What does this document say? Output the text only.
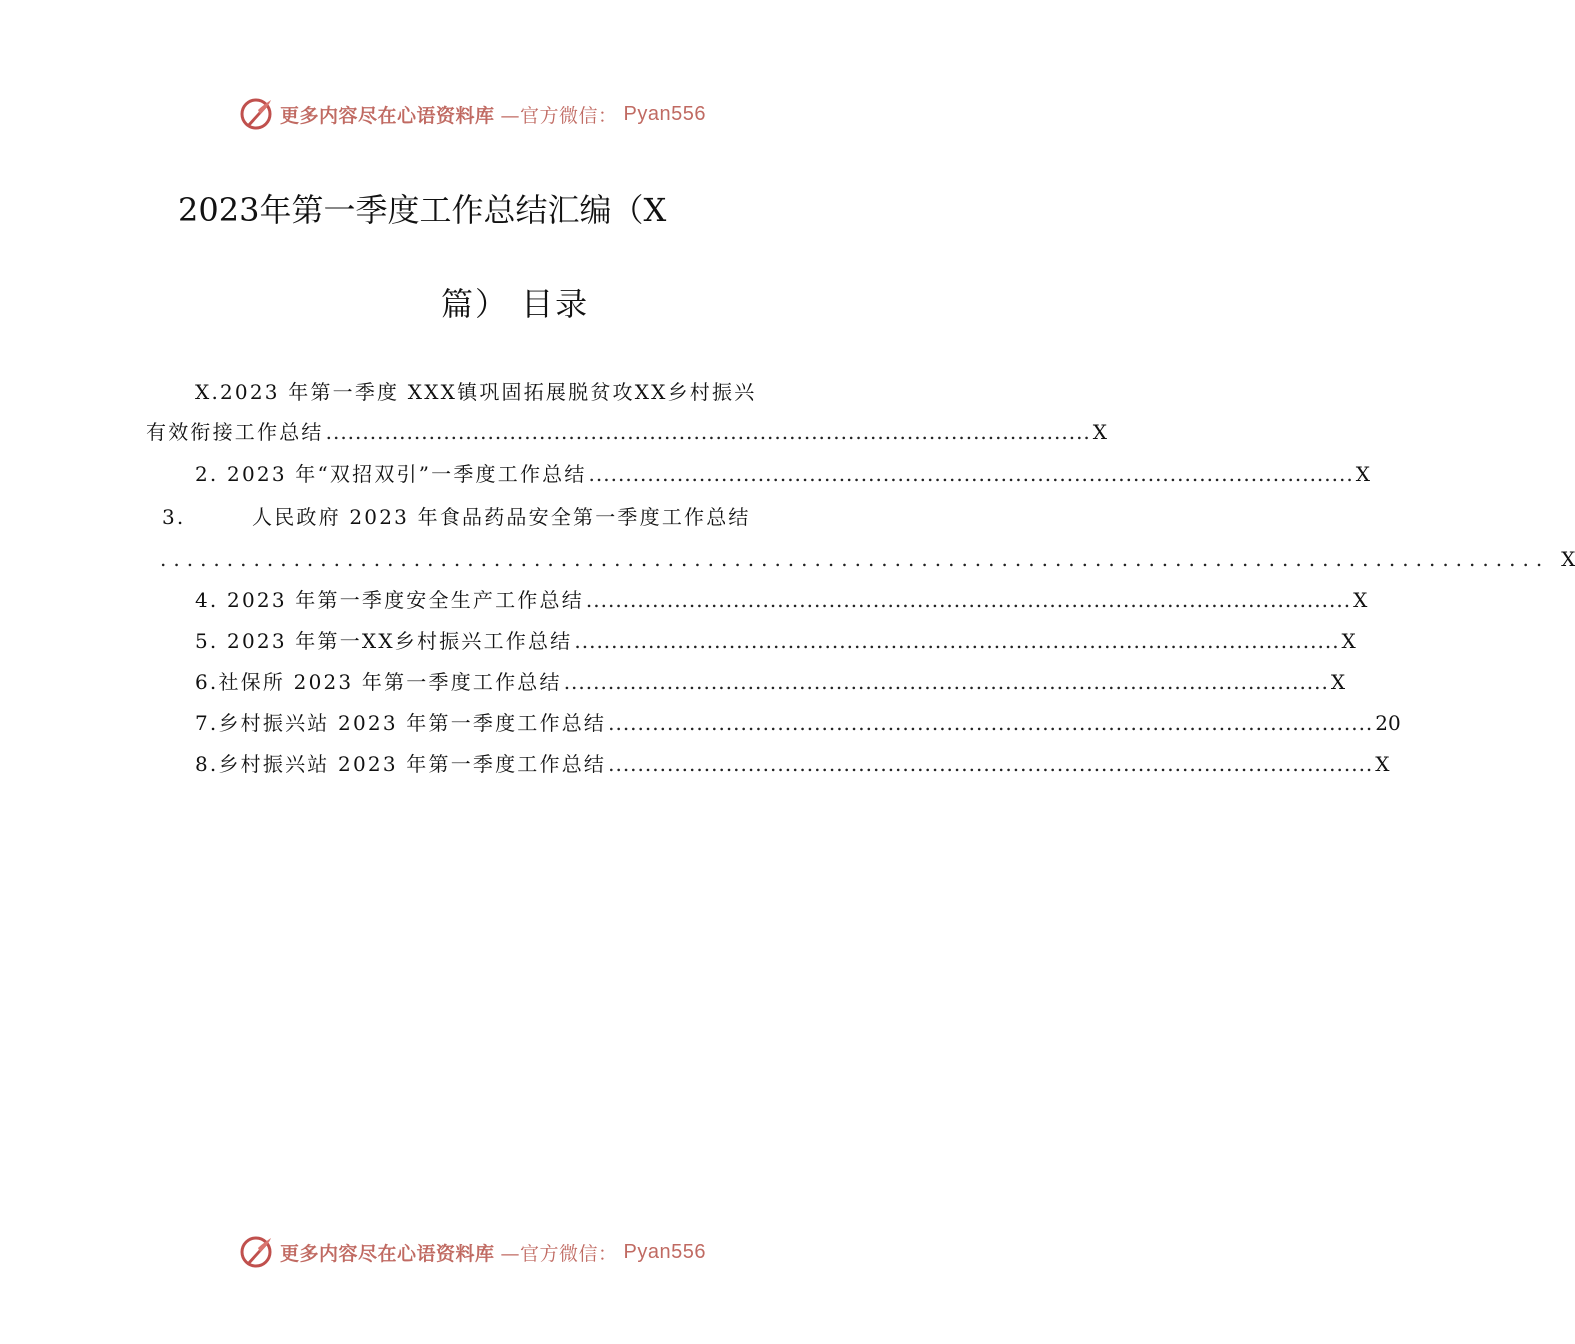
更多内容尽在心语资料库 —官方微信： Pyan556
2023年第一季度工作总结汇编（X
篇） 目录
X.2023 年第一季度 XXX镇巩固拓展脱贫攻XX乡村振兴
有效衔接工作总结 ........................................................................................................ X
2. 2023 年“双招双引”一季度工作总结 ........................................................................................................ X
3.	人民政府 2023 年食品药品安全第一季度工作总结
........................................................................................................ X
4. 2023 年第一季度安全生产工作总结 ........................................................................................................ X
5. 2023 年第一XX乡村振兴工作总结 ........................................................................................................ X
6.社保所 2023 年第一季度工作总结 ........................................................................................................ X
7.乡村振兴站 2023 年第一季度工作总结 ........................................................................................................ 20
8.乡村振兴站 2023 年第一季度工作总结 ........................................................................................................ X
更多内容尽在心语资料库 —官方微信： Pyan556
